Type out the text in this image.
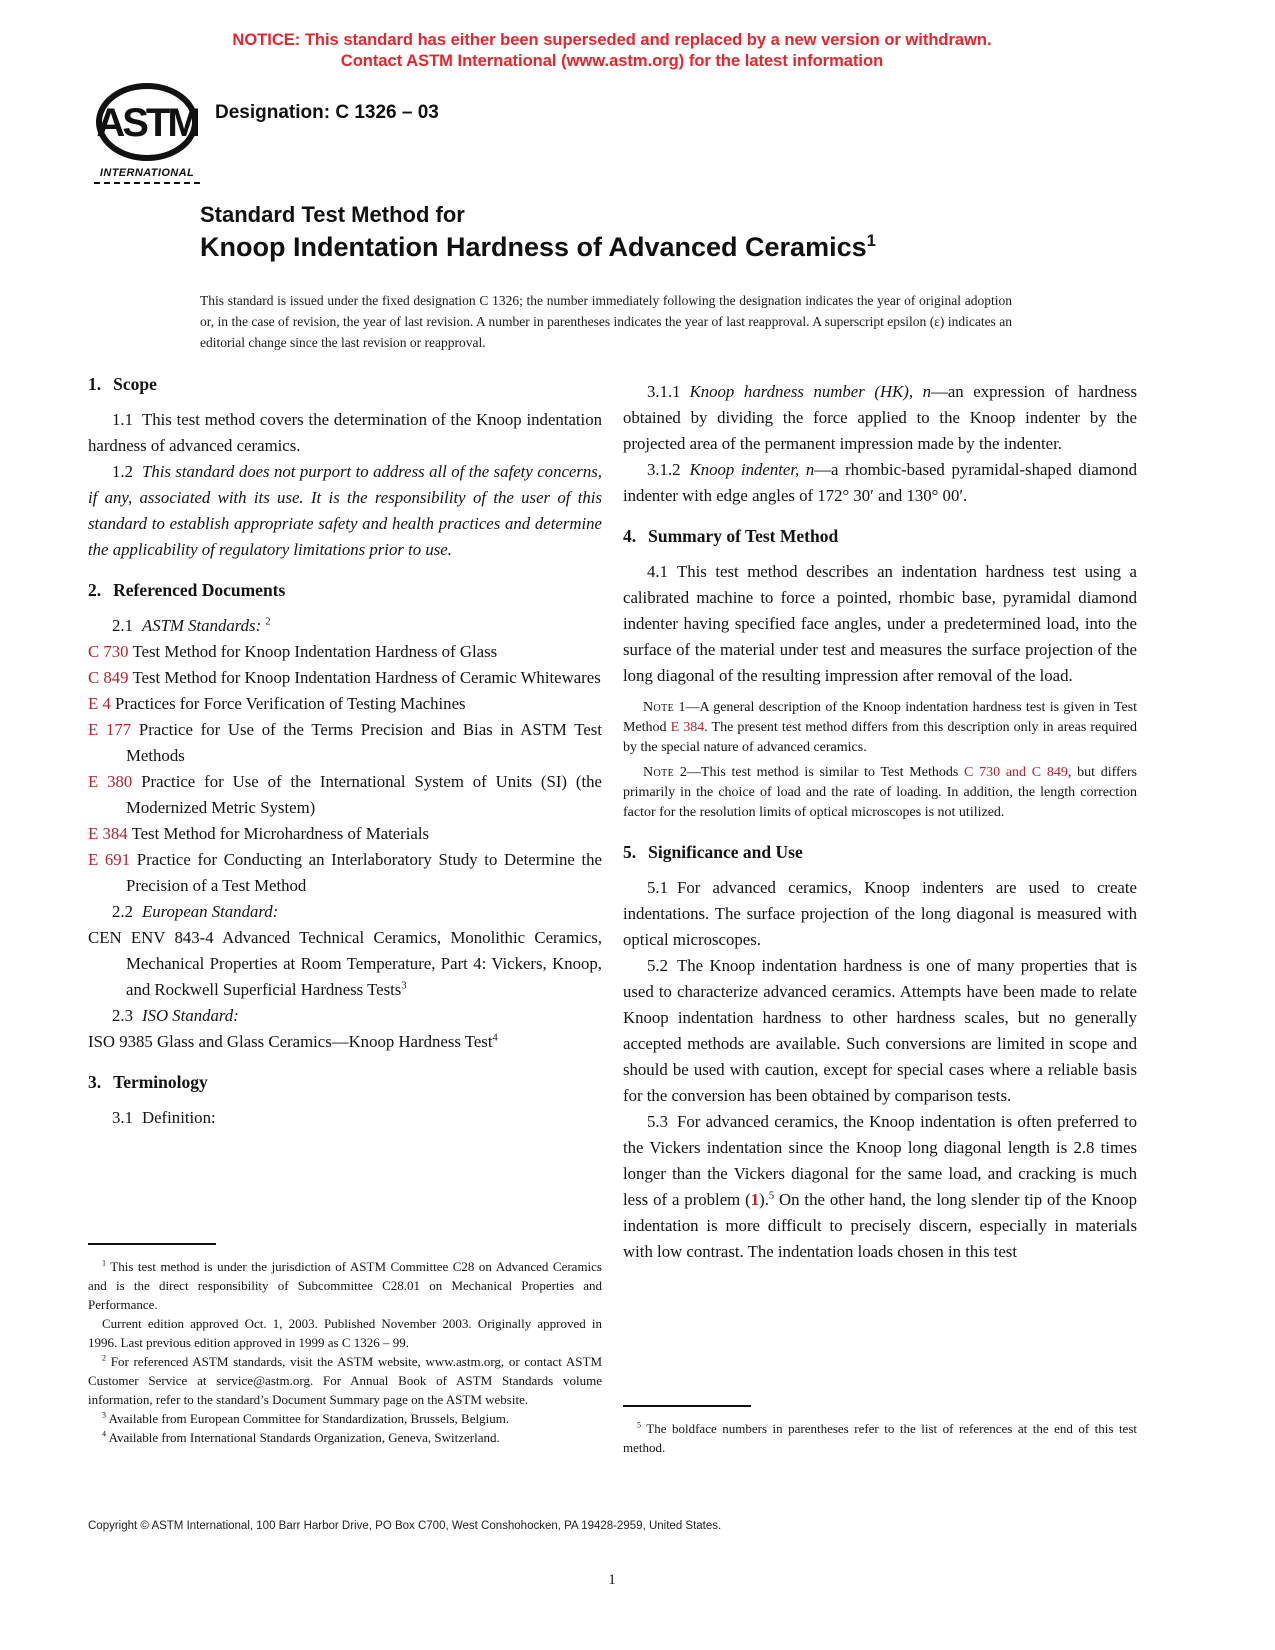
NOTICE: This standard has either been superseded and replaced by a new version or withdrawn.
Contact ASTM International (www.astm.org) for the latest information
ASTM
INTERNATIONAL
Designation: C 1326 – 03
Standard Test Method for
Knoop Indentation Hardness of Advanced Ceramics$^1$
This standard is issued under the fixed designation C 1326; the number immediately following the designation indicates the year of original adoption or, in the case of revision, the year of last revision. A number in parentheses indicates the year of last reapproval. A superscript epsilon (ε) indicates an editorial change since the last revision or reapproval.

1. Scope

1.1 This test method covers the determination of the Knoop indentation hardness of advanced ceramics.

1.2 This standard does not purport to address all of the safety concerns, if any, associated with its use. It is the responsibility of the user of this standard to establish appropriate safety and health practices and determine the applicability of regulatory limitations prior to use.

2. Referenced Documents

2.1 ASTM Standards: $^2$

C 730 Test Method for Knoop Indentation Hardness of Glass

C 849 Test Method for Knoop Indentation Hardness of Ceramic Whitewares

E 4 Practices for Force Verification of Testing Machines

E 177 Practice for Use of the Terms Precision and Bias in ASTM Test Methods

E 380 Practice for Use of the International System of Units (SI) (the Modernized Metric System)

E 384 Test Method for Microhardness of Materials

E 691 Practice for Conducting an Interlaboratory Study to Determine the Precision of a Test Method

2.2 European Standard:

CEN ENV 843-4 Advanced Technical Ceramics, Monolithic Ceramics, Mechanical Properties at Room Temperature, Part 4: Vickers, Knoop, and Rockwell Superficial Hardness Tests$^3$

2.3 ISO Standard:

ISO 9385 Glass and Glass Ceramics—Knoop Hardness Test$^4$

3. Terminology

3.1 Definition:

3.1.1 Knoop hardness number (HK), n—an expression of hardness obtained by dividing the force applied to the Knoop indenter by the projected area of the permanent impression made by the indenter.

3.1.2 Knoop indenter, n—a rhombic-based pyramidal-shaped diamond indenter with edge angles of 172° 30′ and 130° 00′.

4. Summary of Test Method

4.1 This test method describes an indentation hardness test using a calibrated machine to force a pointed, rhombic base, pyramidal diamond indenter having specified face angles, under a predetermined load, into the surface of the material under test and measures the surface projection of the long diagonal of the resulting impression after removal of the load.

Note 1—A general description of the Knoop indentation hardness test is given in Test Method E 384. The present test method differs from this description only in areas required by the special nature of advanced ceramics.

Note 2—This test method is similar to Test Methods C 730 and C 849, but differs primarily in the choice of load and the rate of loading. In addition, the length correction factor for the resolution limits of optical microscopes is not utilized.

5. Significance and Use

5.1 For advanced ceramics, Knoop indenters are used to create indentations. The surface projection of the long diagonal is measured with optical microscopes.

5.2 The Knoop indentation hardness is one of many properties that is used to characterize advanced ceramics. Attempts have been made to relate Knoop indentation hardness to other hardness scales, but no generally accepted methods are available. Such conversions are limited in scope and should be used with caution, except for special cases where a reliable basis for the conversion has been obtained by comparison tests.

5.3 For advanced ceramics, the Knoop indentation is often preferred to the Vickers indentation since the Knoop long diagonal length is 2.8 times longer than the Vickers diagonal for the same load, and cracking is much less of a problem (1).$^5$ On the other hand, the long slender tip of the Knoop indentation is more difficult to precisely discern, especially in materials with low contrast. The indentation loads chosen in this test

$^1$ This test method is under the jurisdiction of ASTM Committee C28 on Advanced Ceramics and is the direct responsibility of Subcommittee C28.01 on Mechanical Properties and Performance.

Current edition approved Oct. 1, 2003. Published November 2003. Originally approved in 1996. Last previous edition approved in 1999 as C 1326 – 99.

$^2$ For referenced ASTM standards, visit the ASTM website, www.astm.org, or contact ASTM Customer Service at service@astm.org. For Annual Book of ASTM Standards volume information, refer to the standard’s Document Summary page on the ASTM website.

$^3$ Available from European Committee for Standardization, Brussels, Belgium.

$^4$ Available from International Standards Organization, Geneva, Switzerland.

$^5$ The boldface numbers in parentheses refer to the list of references at the end of this test method.

Copyright © ASTM International, 100 Barr Harbor Drive, PO Box C700, West Conshohocken, PA 19428-2959, United States.
1
